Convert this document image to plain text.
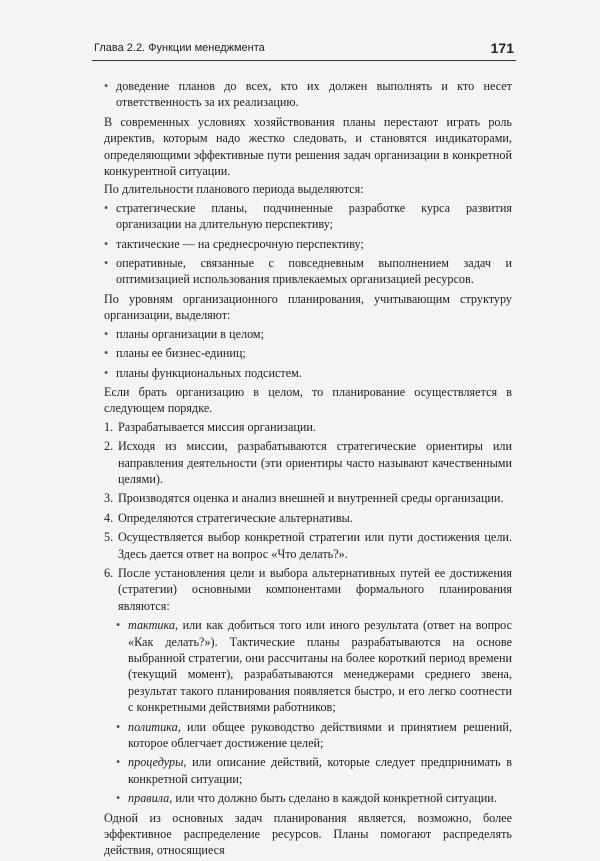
Глава 2.2. Функции менеджмента	171
• доведение планов до всех, кто их должен выполнять и кто несет ответственность за их реализацию.

В современных условиях хозяйствования планы перестают играть роль директив, которым надо жестко следовать, и становятся индикаторами, определяющими эффективные пути решения задач организации в конкретной конкурентной ситуации.

По длительности планового периода выделяются:

• стратегические планы, подчиненные разработке курса развития организации на длительную перспективу;
• тактические — на среднесрочную перспективу;
• оперативные, связанные с повседневным выполнением задач и оптимизацией использования привлекаемых организацией ресурсов.

По уровням организационного планирования, учитывающим структуру организации, выделяют:

• планы организации в целом;
• планы ее бизнес-единиц;
• планы функциональных подсистем.

Если брать организацию в целом, то планирование осуществляется в следующем порядке.

1. Разрабатывается миссия организации.
2. Исходя из миссии, разрабатываются стратегические ориентиры или направления деятельности (эти ориентиры часто называют качественными целями).
3. Производятся оценка и анализ внешней и внутренней среды организации.
4. Определяются стратегические альтернативы.
5. Осуществляется выбор конкретной стратегии или пути достижения цели. Здесь дается ответ на вопрос «Что делать?».
6. После установления цели и выбора альтернативных путей ее достижения (стратегии) основными компонентами формального планирования являются:
• тактика, или как добиться того или иного результата (ответ на вопрос «Как делать?»). Тактические планы разрабатываются на основе выбранной стратегии, они рассчитаны на более короткий период времени (текущий момент), разрабатываются менеджерами среднего звена, результат такого планирования появляется быстро, и его легко соотнести с конкретными действиями работников;
• политика, или общее руководство действиями и принятием решений, которое облегчает достижение целей;
• процедуры, или описание действий, которые следует предпринимать в конкретной ситуации;
• правила, или что должно быть сделано в каждой конкретной ситуации.

Одной из основных задач планирования является, возможно, более эффективное распределение ресурсов. Планы помогают распределять действия, относящиеся
